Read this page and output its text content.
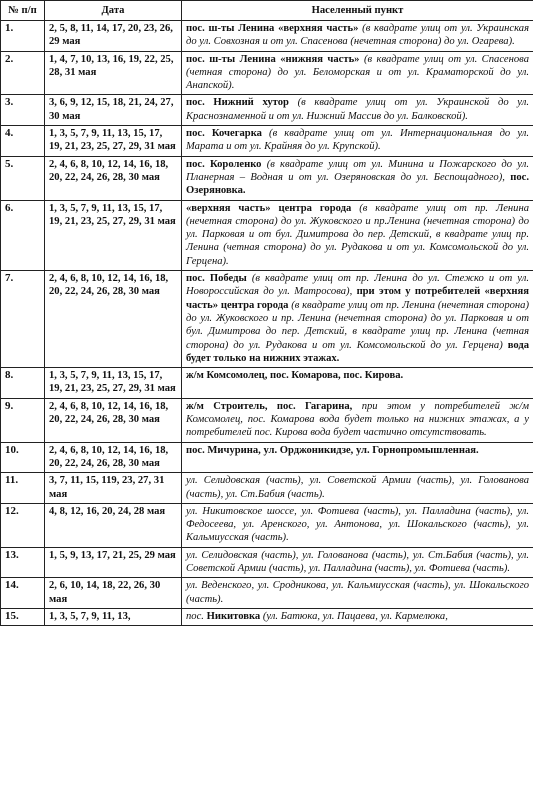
№ п/п	Дата	Населенный пункт
1.	2, 5, 8, 11, 14, 17, 20, 23, 26, 29 мая	пос. ш-ты Ленина «верхняя часть» (в квадрате улиц от ул. Украинская до ул. Совхозная и от ул. Спасенова (нечетная сторона) до ул. Огарева).
2.	1, 4, 7, 10, 13, 16, 19, 22, 25, 28, 31 мая	пос. ш-ты Ленина «нижняя часть» (в квадрате улиц от ул. Спасенова (четная сторона) до ул. Беломорская и от ул. Краматорской до ул. Анапской).
3.	3, 6, 9, 12, 15, 18, 21, 24, 27, 30 мая	пос. Нижний хутор (в квадрате улиц от ул. Украинской до ул. Краснознаменной и от ул. Нижний Массив до ул. Балковской).
4.	1, 3, 5, 7, 9, 11, 13, 15, 17, 19, 21, 23, 25, 27, 29, 31 мая	пос. Кочегарка (в квадрате улиц от ул. Интернациональная до ул. Марата и от ул. Крайняя до ул. Крупской).
5.	2, 4, 6, 8, 10, 12, 14, 16, 18, 20, 22, 24, 26, 28, 30 мая	пос. Короленко (в квадрате улиц от ул. Минина и Пожарского до ул. Планерная – Водная и от ул. Озеряновская до ул. Беспощадного), пос. Озеряновка.
6.	1, 3, 5, 7, 9, 11, 13, 15, 17, 19, 21, 23, 25, 27, 29, 31 мая	«верхняя часть» центра города (в квадрате улиц от пр. Ленина (нечетная сторона) до ул. Жуковского и пр.Ленина (нечетная сторона) до ул. Парковая и от бул. Димитрова до пер. Детский, в квадрате улиц пр. Ленина (четная сторона) до ул. Рудакова и от ул. Комсомольской до ул. Герцена).
7.	2, 4, 6, 8, 10, 12, 14, 16, 18, 20, 22, 24, 26, 28, 30 мая	пос. Победы (в квадрате улиц от пр. Ленина до ул. Стежко и от ул. Новороссийская до ул. Матросова), при этом у потребителей «верхняя часть» центра города (в квадрате улиц от пр. Ленина (нечетная сторона) до ул. Жуковского и пр. Ленина (нечетная сторона) до ул. Парковая и от бул. Димитрова до пер. Детский, в квадрате улиц пр. Ленина (четная сторона) до ул. Рудакова и от ул. Комсомольской до ул. Герцена) вода будет только на нижних этажах.
8.	1, 3, 5, 7, 9, 11, 13, 15, 17, 19, 21, 23, 25, 27, 29, 31 мая	ж/м Комсомолец, пос. Комарова, пос. Кирова.
9.	2, 4, 6, 8, 10, 12, 14, 16, 18, 20, 22, 24, 26, 28, 30 мая	ж/м Строитель, пос. Гагарина, при этом у потребителей ж/м Комсомолец, пос. Комарова вода будет только на нижних этажах, а у потребителей пос. Кирова вода будет частично отсутствовать.
10.	2, 4, 6, 8, 10, 12, 14, 16, 18, 20, 22, 24, 26, 28, 30 мая	пос. Мичурина, ул. Орджоникидзе, ул. Горнопромышленная.
11.	3, 7, 11, 15, 119, 23, 27, 31 мая	ул. Селидовская (часть), ул. Советской Армии (часть), ул. Голованова (часть), ул. Ст.Бабия (часть).
12.	4, 8, 12, 16, 20, 24, 28 мая	ул. Никитовское шоссе, ул. Фотиева (часть), ул. Палладина (часть), ул. Федосеева, ул. Аренского, ул. Антонова, ул. Шокальского (часть), ул. Кальмиусская (часть).
13.	1, 5, 9, 13, 17, 21, 25, 29 мая	ул. Селидовская (часть), ул. Голованова (часть), ул. Ст.Бабия (часть), ул. Советской Армии (часть), ул. Палладина (часть), ул. Фотиева (часть).
14.	2, 6, 10, 14, 18, 22, 26, 30 мая	ул. Веденского, ул. Сродникова, ул. Кальмиусская (часть), ул. Шокальского (часть).
15.	1, 3, 5, 7, 9, 11, 13,	пос. Никитовка (ул. Батюка, ул. Пацаева, ул. Кармелюка,
